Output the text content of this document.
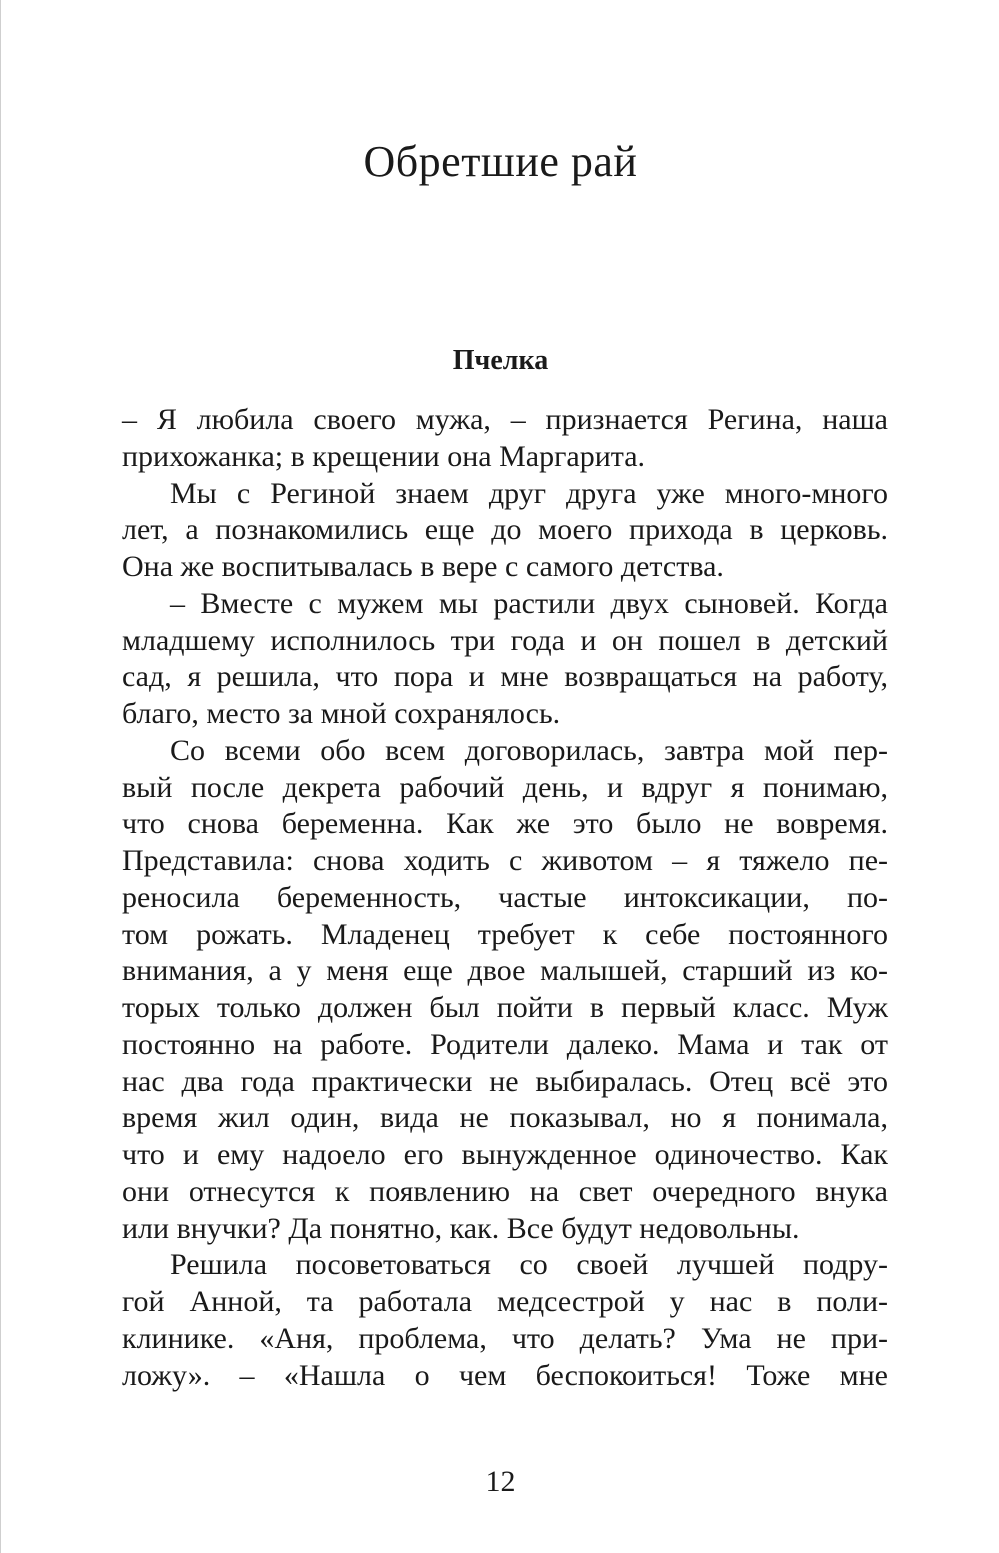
Обретшие рай
Пчелка
– Я любила своего мужа, – признается Регина, наша
прихожанка; в крещении она Маргарита.
Мы с Региной знаем друг друга уже много-много
лет, а познакомились еще до моего прихода в церковь.
Она же воспитывалась в вере с самого детства.
– Вместе с мужем мы растили двух сыновей. Когда
младшему исполнилось три года и он пошел в детский
сад, я решила, что пора и мне возвращаться на работу,
благо, место за мной сохранялось.
Со всеми обо всем договорилась, завтра мой пер-
вый после декрета рабочий день, и вдруг я понимаю,
что снова беременна. Как же это было не вовремя.
Представила: снова ходить с животом – я тяжело пе-
реносила беременность, частые интоксикации, по-
том рожать. Младенец требует к себе постоянного
внимания, а у меня еще двое малышей, старший из ко-
торых только должен был пойти в первый класс. Муж
постоянно на работе. Родители далеко. Мама и так от
нас два года практически не выбиралась. Отец всё это
время жил один, вида не показывал, но я понимала,
что и ему надоело его вынужденное одиночество. Как
они отнесутся к появлению на свет очередного внука
или внучки? Да понятно, как. Все будут недовольны.
Решила посоветоваться со своей лучшей подру-
гой Анной, та работала медсестрой у нас в поли-
клинике. «Аня, проблема, что делать? Ума не при-
ложу». – «Нашла о чем беспокоиться! Тоже мне
12
